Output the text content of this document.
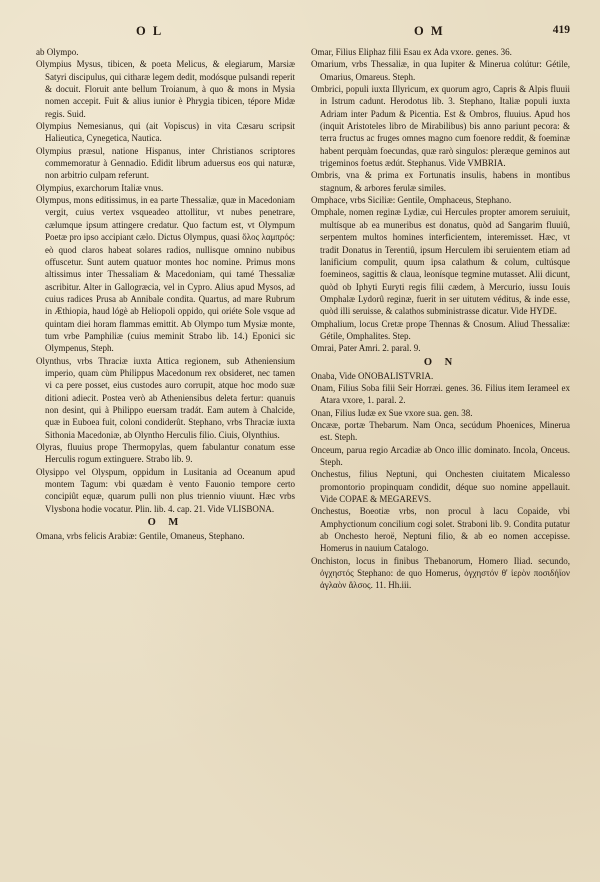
O L	O M	419

ab Olympo.

Olympius Mysus, tibicen, & poeta Melicus, & elegiarum, Marsiæ Satyri discipulus, qui citharæ legem dedit, modósque pulsandi reperit & docuit. Floruit ante bellum Troianum, à quo & mons in Mysia nomen accepit. Fuit & alius iunior è Phrygia tibicen, tépore Midæ regis. Suid.

Olympius Nemesianus, qui (ait Vopiscus) in vita Cæsaru scripsit Halieutica, Cynegetica, Nautica.

Olympius præsul, natione Hispanus, inter Christianos scriptores commemoratur à Gennadio. Edidit librum aduersus eos qui naturæ, non arbitrio culpam referunt.

Olympius, exarchorum Italiæ vnus.

Olympus, mons editissimus, in ea parte Thessaliæ, quæ in Macedoniam vergit, cuius vertex vsqueadeo attollitur, vt nubes penetrare, cælumque ipsum attingere credatur. Quo factum est, vt Olympum Poetæ pro ipso accipiant cælo. Dictus Olympus, quasi ὅλος λαμπρός: eò quod claros habeat solares radios, nullisque omnino nubibus offuscetur. Sunt autem quatuor montes hoc nomine. Primus mons altissimus inter Thessaliam & Macedoniam, qui tamé Thessaliæ ascribitur. Alter in Gallogræcia, vel in Cypro. Alius apud Mysos, ad cuius radices Prusa ab Annibale condita. Quartus, ad mare Rubrum in Æthiopia, haud lógè ab Heliopoli oppido, qui oriéte Sole vsque ad quintam diei horam flammas emittit. Ab Olympo tum Mysiæ monte, tum vrbe Pamphiliæ (cuius meminit Strabo lib. 14.) Eponici sic Olympenus, Steph.

Olynthus, vrbs Thraciæ iuxta Attica regionem, sub Atheniensium imperio, quam cùm Philippus Macedonum rex obsideret, nec tamen vi ca pere posset, eius custodes auro corrupit, atque hoc modo suæ ditioni adiecit. Postea verò ab Atheniensibus deleta fertur: quanuis non desint, qui à Philippo euersam tradát. Eam autem à Chalcide, quæ in Euboea fuit, coloni condiderût. Stephano, vrbs Thraciæ iuxta Sithonia Macedoniæ, ab Olyntho Herculis filio. Ciuis, Olynthius.

Olyras, fluuius prope Thermopylas, quem fabulantur conatum esse Herculis rogum extinguere. Strabo lib. 9.

Olysippo vel Olyspum, oppidum in Lusitania ad Oceanum apud montem Tagum: vbi quædam è vento Fauonio tempore certo concipiût equæ, quarum pulli non plus triennio viuunt. Hæc vrbs Vlysbona hodie vocatur. Plin. lib. 4. cap. 21. Vide VLISBONA.

O M

Omana, vrbs felicis Arabiæ: Gentile, Omaneus, Stephano.

Omar, Filius Eliphaz filii Esau ex Ada vxore. genes. 36.

Omarium, vrbs Thessaliæ, in qua Iupiter & Minerua colútur: Gétile, Omarius, Omareus. Steph.

Ombrici, populi iuxta Illyricum, ex quorum agro, Capris & Alpis fluuii in Istrum cadunt. Herodotus lib. 3. Stephano, Italiæ populi iuxta Adriam inter Padum & Picentia. Est & Ombros, fluuius. Apud hos (inquit Aristoteles libro de Mirabilibus) bis anno pariunt pecora: & terra fructus ac fruges omnes magno cum foenore reddit, & foeminæ habent perquàm foecundas, quæ rarò singulos: pleræque geminos aut trigeminos foetus ædút. Stephanus. Vide VMBRIA.

Ombris, vna & prima ex Fortunatis insulis, habens in montibus stagnum, & arbores ferulæ similes.

Omphace, vrbs Siciliæ: Gentile, Omphaceus, Stephano.

Omphale, nomen reginæ Lydiæ, cui Hercules propter amorem seruiuit, multísque ab ea muneribus est donatus, quòd ad Sangarim fluuiû, serpentem multos homines interficientem, interemisset. Hæc, vt tradit Donatus in Terentiû, ipsum Herculem ibi seruientem etiam ad lanificium compulit, quum ipsa calathum & colum, cultúsque foemineos, sagittis & claua, leonísque tegmine mutasset. Alii dicunt, quòd ob Iphyti Euryti regis filii cædem, à Mercurio, iussu Iouis Omphalæ Lydorû reginæ, fuerit in ser uitutem véditus, & inde esse, quòd illi seruisse, & calathos subministrasse dicatur. Vide HYDE.

Omphalium, locus Cretæ prope Thennas & Cnosum. Aliud Thessaliæ: Gétile, Omphalites. Step.

Omrai, Pater Amri. 2. paral. 9.

O N

Onaba, Vide ONOBALISTVRIA.

Onam, Filius Soba filii Seir Horræi. genes. 36. Filius item Ierameel ex Atara vxore, 1. paral. 2.

Onan, Filius Iudæ ex Sue vxore sua. gen. 38.

Oncææ, portæ Thebarum. Nam Onca, secúdum Phoenices, Minerua est. Steph.

Onceum, parua regio Arcadiæ ab Onco illic dominato. Incola, Onceus. Steph.

Onchestus, filius Neptuni, qui Onchesten ciuitatem Micalesso promontorio propinquam condidit, déque suo nomine appellauit. Vide COPAE & MEGAREVS.

Onchestus, Boeotiæ vrbs, non procul à lacu Copaide, vbi Amphyctionum concilium cogi solet. Straboni lib. 9. Condita putatur ab Onchesto heroë, Neptuni filio, & ab eo nomen accepisse. Homerus in nauium Catalogo.

Onchiston, locus in finibus Thebanorum, Homero Iliad. secundo, ὀγχηστός Stephano: de quo Homerus, ὀγχηστόν θ' ἱερὸν ποσιδήϊον ἀγλαὸν ἄλσος. 11. Hh.iii.
